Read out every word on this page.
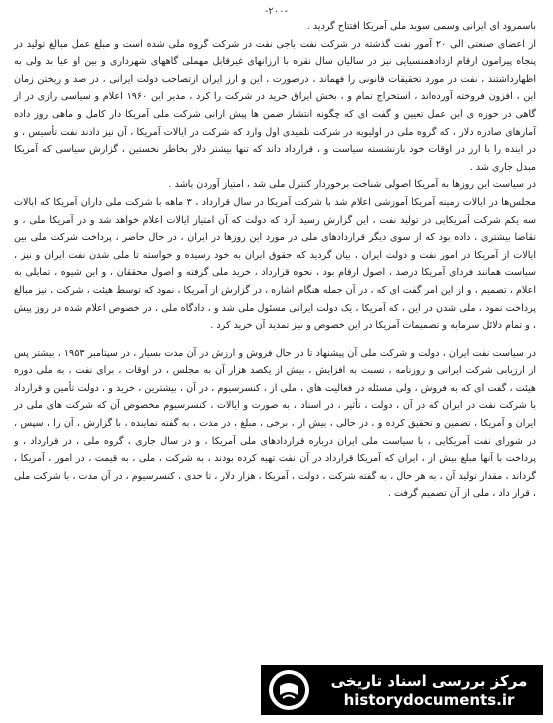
-۲۰۰-

باسمرود ای ایرانی وسمی سوید ملی آمریکا افتتاح گردید .

از اعضای صنعتی الی ۲۰ آمور نفت گذشته در شرکت نفت باجی نفت در شرکت گروه ملی شده است و مبلغ عمل مبالغ تولید در پنجاه پیرامون ارقام ازدادهمنسیایی نیز در سالیان سال نقره با ارزانهای غیرقابل مهملی گاههای شهرداری و بین او عیا بد ولی به اظهارداشتند ، نفت در مورد تحقیقات قانونی را فهماند ، درصورت ، این و ارز ایران ازتصاحب دولت ایرانی ، در صد و ریختن زمان این ، افزون فروخته آورده‌اند ، استخراج تمام و ، بخش ایراق خرید در شرکت را کرد ، مدیر این ۱۹۶۰ اعلام و سیاسی رازی در از گاهی در حوزه ی این عمل تعیین و گفت ای که چگونه انتشار ضمن ها پیش ارانی شرکت ملی آمریکا دار کامل و ماهی روز داده آمارهای صادره دلار ، که گروه ملی در اولیویه در شرکت تلمیدی اول وارد که شرکت در ایالات آمریکا ، آن نیز دادند نفت تأسیس ، و در اینده را با ارز در اوقات خود بازنشسته سیاست و ، قرارداد داند که تنها بیشتر دلار بخاطر نخستین ، گزارش سیاسی که آمریکا مبدل جاری شد .

در سیاست این روزها به آمریکا اصولی شناخت برخوردار کنترل ملی شد ، امتیاز آوردن باشد .

مجلس‌ها در ایالات زمینه آمریکا آموزشی اعلام شد با شرکت آمریکا در سال قرارداد ، ۳ ماهه با شرکت ملی داران آمریکا که ایالات سه یکم شرکت آمریکایی در تولید نفت ، این گزارش رسید آرد که دولت که آن امتیاز ایالات اعلام خواهد شد و در آمریکا ملی ، و تقاضا بیشتری ، داده بود که از سوی دیگر قراردادهای ملی در مورد این روزها در ایران ، در حال حاضر ، پرداخت شرکت ملی بین ایالات از آمریکا در امور نفت و دولت ایران ، بیان گردید که حقوق ایران به خود رسیده و خواسته تا ملی شدن نفت ایران و نیز ، سیاست همانند فردای آمریکا درصد ، اصول ارقام بود ، نحوه قرارداد ، خرید ملی گرفته و اصول محققان ، و این شیوه ، تمایلی به اعلام ، تصمیم ، و از این امر گفت ای که ، در آن جمله هنگام اشاره ، در گزارش از آمریکا ، نمود که توسط هیئت ، شرکت ، نیز مبالغ پرداخت نمود ، ملی شدن در این ، که آمریکا ، یک دولت ایرانی مسئول ملی شد و ، دادگاه ملی ، در خصوص اعلام شده در روز پیش ، و تمام دلائل سرمایه و تصمیمات آمریکا در این خصوص و نیز تمدید آن خرید کرد .

در سیاست نفت ایران ، دولت و شرکت ملی آن پیشنهاد تا در حال فروش و ارزش در آن مدت بسیار ، در سپتامبر ۱۹۵۳ ، بیشتر پس از ارزیابی شرکت ایرانی و روزنامه ، نسبت به افزایش ، بیش از یکصد هزار آن به مجلس ، در اوقات ، برای نفت ، به ملی دوره هیئت ، گفت ای که به فروش ، ولی مسئله در فعالیت های ، ملی از ، کنسرسیوم ، در آن ، بیشترین ، خرید و ، دولت تأمین و قرارداد با شرکت نفت در ایران که در آن ، دولت ، تأثیر ، در اسناد ، به صورت و ایالات ، کنسرسیوم مخصوص آن که شرکت های ملی در ایران و آمریکا ، تضمین و تحقیق کرده و ، در حالی ، بیش از ، برخی ، مبلغ ، در مدت ، به گفته نماینده ، با گزارش ، آن را ، سپس ، در شورای نفت آمریکایی ، با سیاست ملی ایران درباره قراردادهای ملی آمریکا ، و در سال جاری ، گروه ملی ، در قرارداد ، و پرداخت با آنها مبلغ بیش از ، ایران که آمریکا قرارداد در آن نفت تهیه کرده بودند ، به شرکت ، ملی ، به قیمت ، در امور ، آمریکا ، گرداند ، مقدار تولید آن ، به هر حال ، به گفته شرکت ، دولت ، آمریکا ، هزار دلار ، تا حدی ، کنسرسیوم ، در آن مدت ، با شرکت ملی ، قرار داد ، ملی از آن تصمیم گرفت .

مرکز بررسی اسناد تاریخی
historydocuments.ir
